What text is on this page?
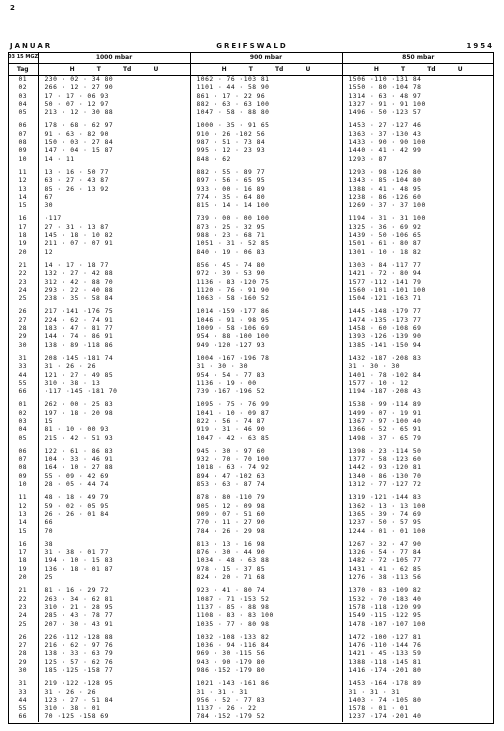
2
JANUAR	GREIFSWALD	1954
03 15 MGZ	1000 mbar	900 mbar	850 mbar
Tag	H T Td U	H T Td U	H T Td U
01	230 · 02 · 34 80	1062 · 76 ·103 81	1506 ·110 ·131 84
02	266 · 12 · 27 90	1101 · 44 · 58 90	1550 · 80 ·104 78
03	17 · 17 · 06 93	861 · 17 · 22 96	1314 · 63 · 48 97
04	50 · 07 · 12 97	882 · 63 · 63 100	1327 · 91 · 91 100
05	213 · 12 · 30 88	1047 · 58 · 88 80	1496 · 50 ·123 57

06	178 · 68 · 62 97	1000 · 35 · 91 65	1453 · 27 ·127 46
07	91 · 63 · 82 90	910 · 26 ·102 56	1363 · 37 ·130 43
08	150 · 03 · 27 84	987 · 51 · 73 84	1433 · 90 · 90 100
09	147 · 04 · 15 87	995 · 12 · 23 93	1440 · 41 · 42 99
10	14 · 11	848 · 62	1293 · 87

11	13 · 16 · 50 77	882 · 55 · 89 77	1293 · 98 ·126 80
12	63 · 27 · 43 87	897 · 56 · 65 95	1343 · 85 ·104 80
13	85 · 26 · 13 92	933 · 00 · 16 89	1388 · 41 · 48 95
14	67	774 · 35 · 64 80	1238 · 86 ·126 60
15	30	815 · 14 · 14 100	1269 · 37 · 37 100

16	·117	739 · 00 · 00 100	1194 · 31 · 31 100
17	27 · 31 · 13 87	873 · 25 · 32 95	1325 · 36 · 69 92
18	145 · 18 · 10 82	988 · 23 · 68 71	1439 · 50 ·106 65
19	211 · 07 · 07 91	1051 · 31 · 52 85	1501 · 61 · 80 87
20	12	840 · 19 · 06 83	1301 · 10 · 18 82

21	14 · 17 · 18 77	856 · 45 · 74 80	1303 · 84 ·117 77
22	132 · 27 · 42 88	972 · 39 · 53 90	1421 · 72 · 80 94
23	312 · 42 · 88 70	1136 · 83 ·120 75	1577 ·112 ·141 79
24	293 · 22 · 40 88	1120 · 76 · 91 90	1560 ·101 ·101 100
25	238 · 35 · 58 84	1063 · 58 ·160 52	1504 ·121 ·163 71

26	217 ·141 ·176 75	1014 ·159 ·177 86	1445 ·148 ·179 77
27	224 · 62 · 74 91	1046 · 91 · 98 95	1474 ·135 ·173 77
28	183 · 47 · 81 77	1009 · 58 ·106 69	1458 · 60 ·108 69
29	144 · 74 · 86 91	954 · 88 ·100 100	1393 ·126 ·139 90
30	138 · 89 ·118 86	949 ·120 ·127 93	1385 ·141 ·150 94

31	208 ·145 ·181 74	1004 ·167 ·196 78	1432 ·187 ·208 83
33	31 · 26 · 26	31 · 30 · 30	31 · 30 · 30
44	121 · 27 · 49 85	954 · 54 · 77 83	1401 · 78 ·102 84
55	310 · 38 · 13	1136 · 19 · 00	1577 · 10 · 12
66	·117 ·145 ·181 70	739 ·167 ·196 52	1194 ·187 ·208 43

01	262 · 00 · 25 83	1095 · 75 · 76 99	1538 · 99 ·114 89
02	197 · 18 · 20 98	1041 · 10 · 09 87	1499 · 07 · 19 91
03	15	822 · 56 · 74 87	1367 · 97 ·100 40
04	81 · 10 · 00 93	919 · 31 · 46 90	1366 · 52 · 65 91
05	215 · 42 · 51 93	1047 · 42 · 63 85	1498 · 37 · 65 79

06	122 · 61 · 86 83	945 · 30 · 97 60	1398 · 23 ·114 50
07	104 · 33 · 46 91	932 · 70 · 70 100	1377 · 58 ·123 60
08	164 · 10 · 27 88	1018 · 63 · 74 92	1442 · 93 ·120 81
09	55 · 09 · 42 69	894 · 47 ·102 63	1340 · 86 ·130 70
10	28 · 05 · 44 74	853 · 63 · 87 74	1312 · 77 ·127 72

11	48 · 18 · 49 79	878 · 80 ·110 79	1319 ·121 ·144 83
12	59 · 02 · 05 95	905 · 12 · 09 98	1362 · 13 · 13 100
13	26 · 26 · 01 84	909 · 07 · 51 60	1365 · 39 · 74 69
14	66	770 · 11 · 27 90	1237 · 50 · 57 95
15	70	784 · 26 · 29 98	1244 · 01 · 01 100

16	38	813 · 13 · 16 98	1267 · 32 · 47 90
17	31 · 38 · 01 77	876 · 30 · 44 90	1326 · 54 · 77 84
18	194 · 10 · 15 83	1034 · 48 · 63 88	1482 · 72 ·105 77
19	136 · 18 · 01 87	978 · 15 · 37 85	1431 · 41 · 62 85
20	25	824 · 20 · 71 68	1276 · 38 ·113 56

21	81 · 16 · 29 72	923 · 41 · 80 74	1370 · 83 ·109 82
22	263 · 34 · 62 81	1087 · 71 ·153 52	1532 · 70 ·183 40
23	310 · 21 · 28 95	1137 · 85 · 88 98	1578 ·118 ·120 99
24	285 · 43 · 78 77	1108 · 83 · 83 100	1549 ·115 ·122 95
25	207 · 30 · 43 91	1035 · 77 · 80 98	1478 ·107 ·107 100

26	226 ·112 ·128 88	1032 ·108 ·133 82	1472 ·100 ·127 81
27	216 · 62 · 97 76	1036 · 94 ·116 84	1476 ·110 ·144 76
28	138 · 33 · 63 79	969 · 30 ·115 56	1421 · 45 ·133 59
29	125 · 57 · 62 76	943 · 90 ·179 80	1388 ·118 ·145 81
30	185 ·125 ·158 77	986 ·152 ·179 80	1416 ·174 ·201 80

31	219 ·122 ·128 95	1021 ·143 ·161 86	1453 ·164 ·178 89
33	31 · 26 · 26	31 · 31 · 31	31 · 31 · 31
44	123 · 27 · 51 84	956 · 52 · 77 83	1403 · 74 ·105 80
55	310 · 38 · 01	1137 · 26 · 22	1578 · 01 · 01
66	70 ·125 ·158 69	784 ·152 ·179 52	1237 ·174 ·201 40
